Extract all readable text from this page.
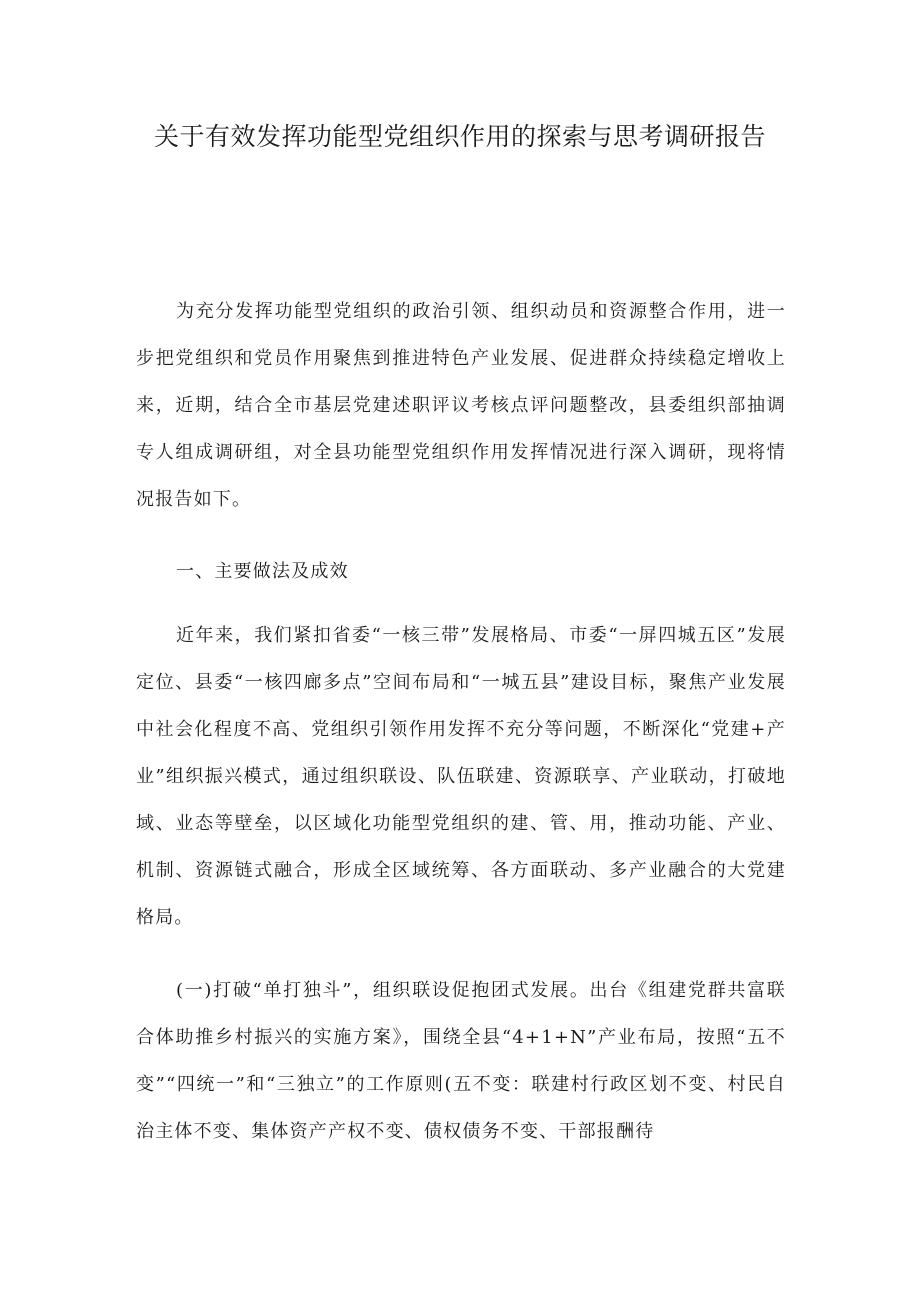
关于有效发挥功能型党组织作用的探索与思考调研报告

为充分发挥功能型党组织的政治引领、组织动员和资源整合作用，进一步把党组织和党员作用聚焦到推进特色产业发展、促进群众持续稳定增收上来，近期，结合全市基层党建述职评议考核点评问题整改，县委组织部抽调专人组成调研组，对全县功能型党组织作用发挥情况进行深入调研，现将情况报告如下。

一、主要做法及成效

近年来，我们紧扣省委“一核三带”发展格局、市委“一屏四城五区”发展定位、县委“一核四廊多点”空间布局和“一城五县”建设目标，聚焦产业发展中社会化程度不高、党组织引领作用发挥不充分等问题，不断深化“党建+产业”组织振兴模式，通过组织联设、队伍联建、资源联享、产业联动，打破地域、业态等壁垒，以区域化功能型党组织的建、管、用，推动功能、产业、机制、资源链式融合，形成全区域统筹、各方面联动、多产业融合的大党建格局。

(一)打破“单打独斗”，组织联设促抱团式发展。出台《组建党群共富联合体助推乡村振兴的实施方案》，围绕全县“4+1+N”产业布局，按照“五不变”“四统一”和“三独立”的工作原则(五不变：联建村行政区划不变、村民自治主体不变、集体资产产权不变、债权债务不变、干部报酬待
